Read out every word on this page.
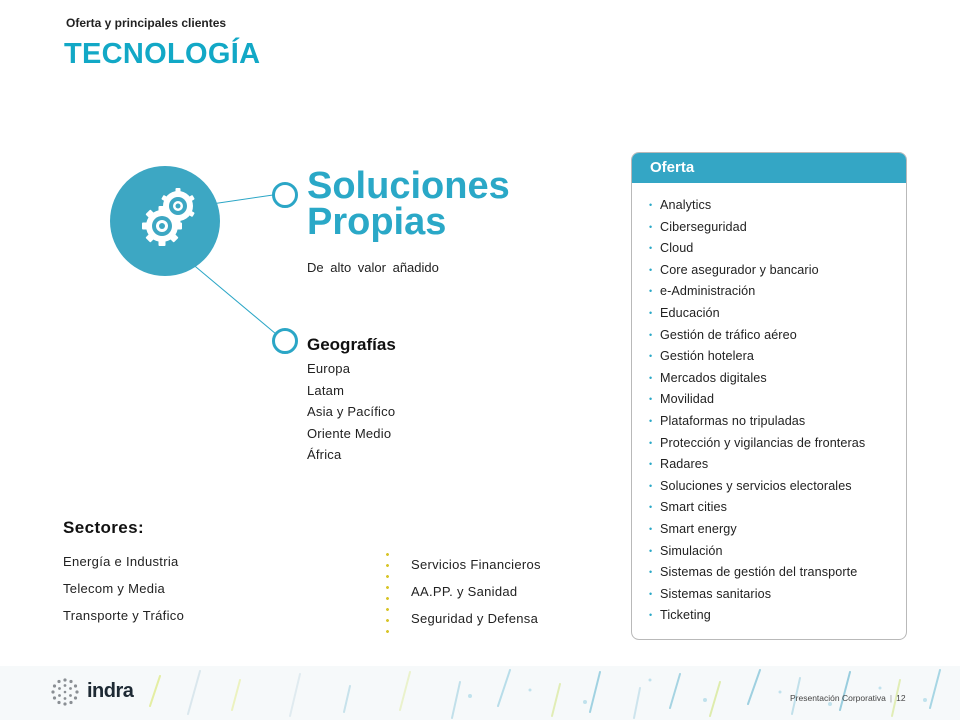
Oferta y principales clientes
TECNOLOGÍA
Soluciones Propias
De alto valor añadido
Geografías
Europa
Latam
Asia y Pacífico
Oriente Medio
África
Sectores:
Energía e Industria
Telecom y Media
Transporte y Tráfico
Servicios Financieros
AA.PP. y Sanidad
Seguridad y Defensa
Oferta
• Analytics
• Ciberseguridad
• Cloud
• Core asegurador y bancario
• e-Administración
• Educación
• Gestión de tráfico aéreo
• Gestión hotelera
• Mercados digitales
• Movilidad
• Plataformas no tripuladas
• Protección y vigilancias de fronteras
• Radares
• Soluciones y servicios electorales
• Smart cities
• Smart energy
• Simulación
• Sistemas de gestión del transporte
• Sistemas sanitarios
• Ticketing
indra	Presentación Corporativa | 12
